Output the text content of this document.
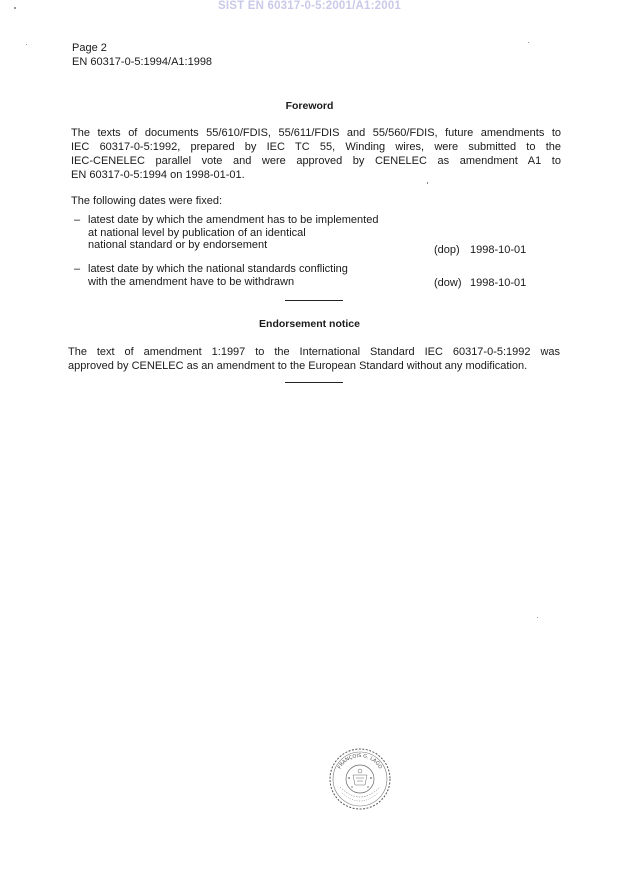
SIST EN 60317-0-5:2001/A1:2001
Page 2
EN 60317-0-5:1994/A1:1998
Foreword
The texts of documents 55/610/FDIS, 55/611/FDIS and 55/560/FDIS, future amendments to
IEC 60317-0-5:1992, prepared by IEC TC 55, Winding wires, were submitted to the
IEC-CENELEC parallel vote and were approved by CENELEC as amendment A1 to
EN 60317-0-5:1994 on 1998-01-01.
The following dates were fixed:
– latest date by which the amendment has to be implemented
at national level by publication of an identical
national standard or by endorsement	(dop) 1998-10-01
– latest date by which the national standards conflicting
with the amendment have to be withdrawn	(dow) 1998-10-01
Endorsement notice
The text of amendment 1:1997 to the International Standard IEC 60317-0-5:1992 was
approved by CENELEC as an amendment to the European Standard without any modification.
FRANÇOIS G. LAGO
